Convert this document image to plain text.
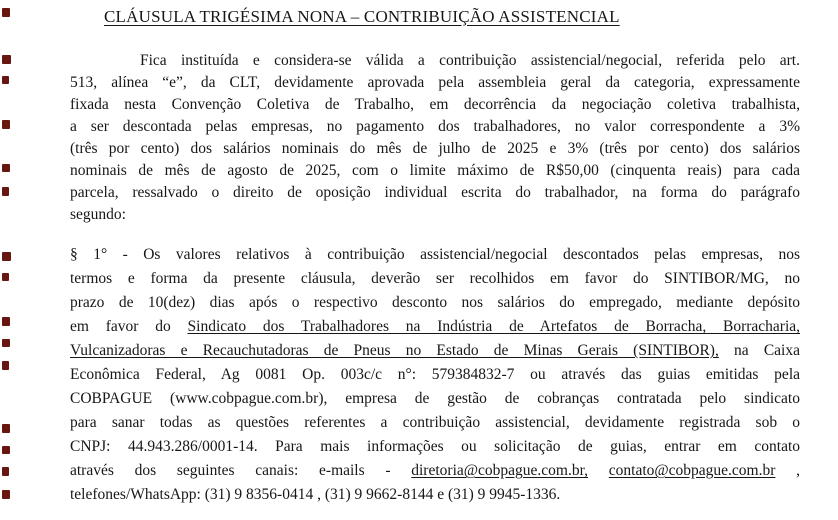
CLÁUSULA TRIGÉSIMA NONA – CONTRIBUIÇÃO ASSISTENCIAL
Fica instituída e considera-se válida a contribuição assistencial/negocial, referida pelo art.
513, alínea “e”, da CLT, devidamente aprovada pela assembleia geral da categoria, expressamente
fixada nesta Convenção Coletiva de Trabalho, em decorrência da negociação coletiva trabalhista,
a ser descontada pelas empresas, no pagamento dos trabalhadores, no valor correspondente a 3%
(três por cento) dos salários nominais do mês de julho de 2025 e 3% (três por cento) dos salários
nominais de mês de agosto de 2025, com o limite máximo de R$50,00 (cinquenta reais) para cada
parcela, ressalvado o direito de oposição individual escrita do trabalhador, na forma do parágrafo
segundo:
§ 1° - Os valores relativos à contribuição assistencial/negocial descontados pelas empresas, nos
termos e forma da presente cláusula, deverão ser recolhidos em favor do SINTIBOR/MG, no
prazo de 10(dez) dias após o respectivo desconto nos salários do empregado, mediante depósito
em favor do Sindicato dos Trabalhadores na Indústria de Artefatos de Borracha, Borracharia,
Vulcanizadoras e Recauchutadoras de Pneus no Estado de Minas Gerais (SINTIBOR), na Caixa
Econômica Federal, Ag 0081 Op. 003c/c n°: 579384832-7 ou através das guias emitidas pela
COBPAGUE (www.cobpague.com.br), empresa de gestão de cobranças contratada pelo sindicato
para sanar todas as questões referentes a contribuição assistencial, devidamente registrada sob o
CNPJ: 44.943.286/0001-14. Para mais informações ou solicitação de guias, entrar em contato
através dos seguintes canais: e-mails - diretoria@cobpague.com.br, contato@cobpague.com.br ,
telefones/WhatsApp: (31) 9 8356-0414 , (31) 9 9662-8144 e (31) 9 9945-1336.
